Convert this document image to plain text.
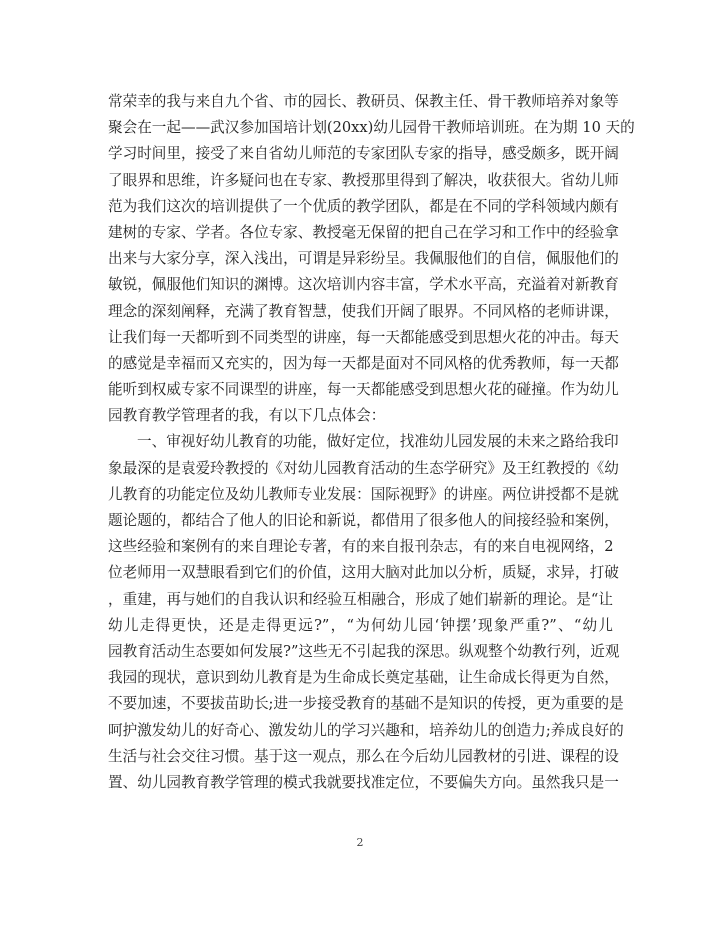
常荣幸的我与来自九个省、市的园长、教研员、保教主任、骨干教师培养对象等
聚会在一起——武汉参加国培计划(20xx)幼儿园骨干教师培训班。在为期 10 天的
学习时间里，接受了来自省幼儿师范的专家团队专家的指导，感受颇多，既开阔
了眼界和思维，许多疑问也在专家、教授那里得到了解决，收获很大。省幼儿师
范为我们这次的培训提供了一个优质的教学团队，都是在不同的学科领域内颇有
建树的专家、学者。各位专家、教授毫无保留的把自己在学习和工作中的经验拿
出来与大家分享，深入浅出，可谓是异彩纷呈。我佩服他们的自信，佩服他们的
敏锐，佩服他们知识的渊博。这次培训内容丰富，学术水平高，充溢着对新教育
理念的深刻阐释，充满了教育智慧，使我们开阔了眼界。不同风格的老师讲课，
让我们每一天都听到不同类型的讲座，每一天都能感受到思想火花的冲击。每天
的感觉是幸福而又充实的，因为每一天都是面对不同风格的优秀教师，每一天都
能听到权威专家不同课型的讲座，每一天都能感受到思想火花的碰撞。作为幼儿
园教育教学管理者的我，有以下几点体会：
一、审视好幼儿教育的功能，做好定位，找准幼儿园发展的未来之路给我印
象最深的是袁爱玲教授的《对幼儿园教育活动的生态学研究》及王红教授的《幼
儿教育的功能定位及幼儿教师专业发展：国际视野》的讲座。两位讲授都不是就
题论题的，都结合了他人的旧论和新说，都借用了很多他人的间接经验和案例，
这些经验和案例有的来自理论专著，有的来自报刊杂志，有的来自电视网络，2
位老师用一双慧眼看到它们的价值，这用大脑对此加以分析，质疑，求异，打破
，重建，再与她们的自我认识和经验互相融合，形成了她们崭新的理论。是“让
幼儿走得更快，还是走得更远?”，“为何幼儿园‘钟摆’现象严重?”、“幼儿
园教育活动生态要如何发展?”这些无不引起我的深思。纵观整个幼教行列，近观
我园的现状，意识到幼儿教育是为生命成长奠定基础，让生命成长得更为自然，
不要加速，不要拔苗助长;进一步接受教育的基础不是知识的传授，更为重要的是
呵护激发幼儿的好奇心、激发幼儿的学习兴趣和，培养幼儿的创造力;养成良好的
生活与社会交往习惯。基于这一观点，那么在今后幼儿园教材的引进、课程的设
置、幼儿园教育教学管理的模式我就要找准定位，不要偏失方向。虽然我只是一
2
